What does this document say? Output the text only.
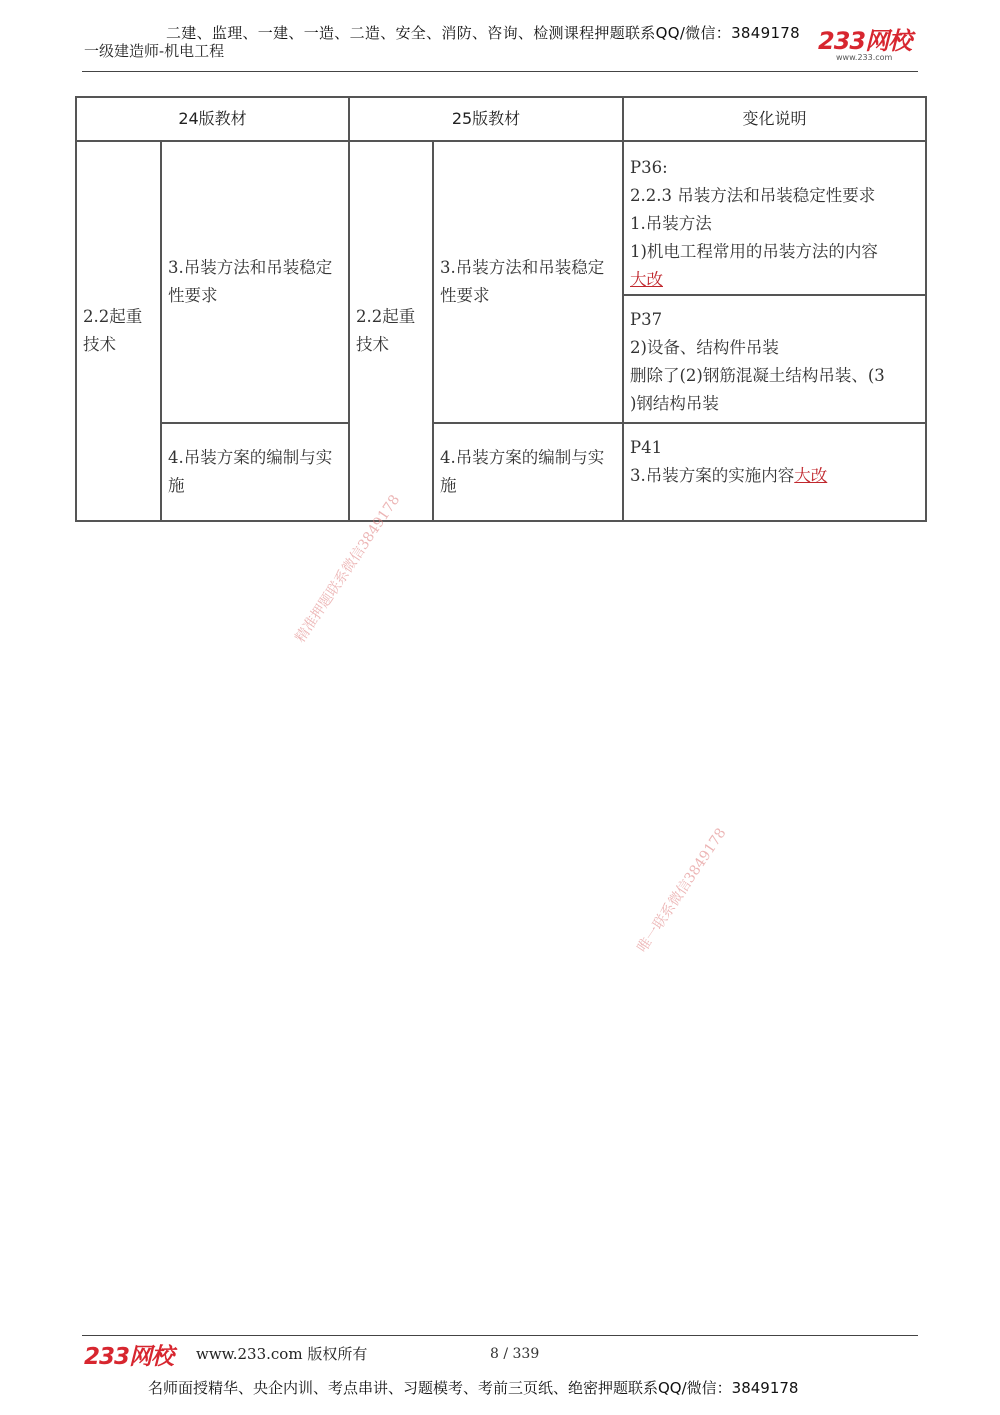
二建、监理、一建、一造、二造、安全、消防、咨询、检测课程押题联系QQ/微信：3849178
一级建造师-机电工程	233网校
www.233.com
24版教材		25版教材		变化说明
2.2起重技术	3.吊装方法和吊装稳定性要求	2.2起重技术	3.吊装方法和吊装稳定性要求	P36:
2.2.3 吊装方法和吊装稳定性要求
1.吊装方法
1)机电工程常用的吊装方法的内容
大改

				P37
2)设备、结构件吊装
删除了(2)钢筋混凝土结构吊装、(3
)钢结构吊装

	4.吊装方案的编制与实施		4.吊装方案的编制与实施	P41
3.吊装方案的实施内容大改
精准押题联系微信3849178
唯一联系微信3849178
233网校 www.233.com 版权所有	8 / 339
名师面授精华、央企内训、考点串讲、习题模考、考前三页纸、绝密押题联系QQ/微信：3849178
